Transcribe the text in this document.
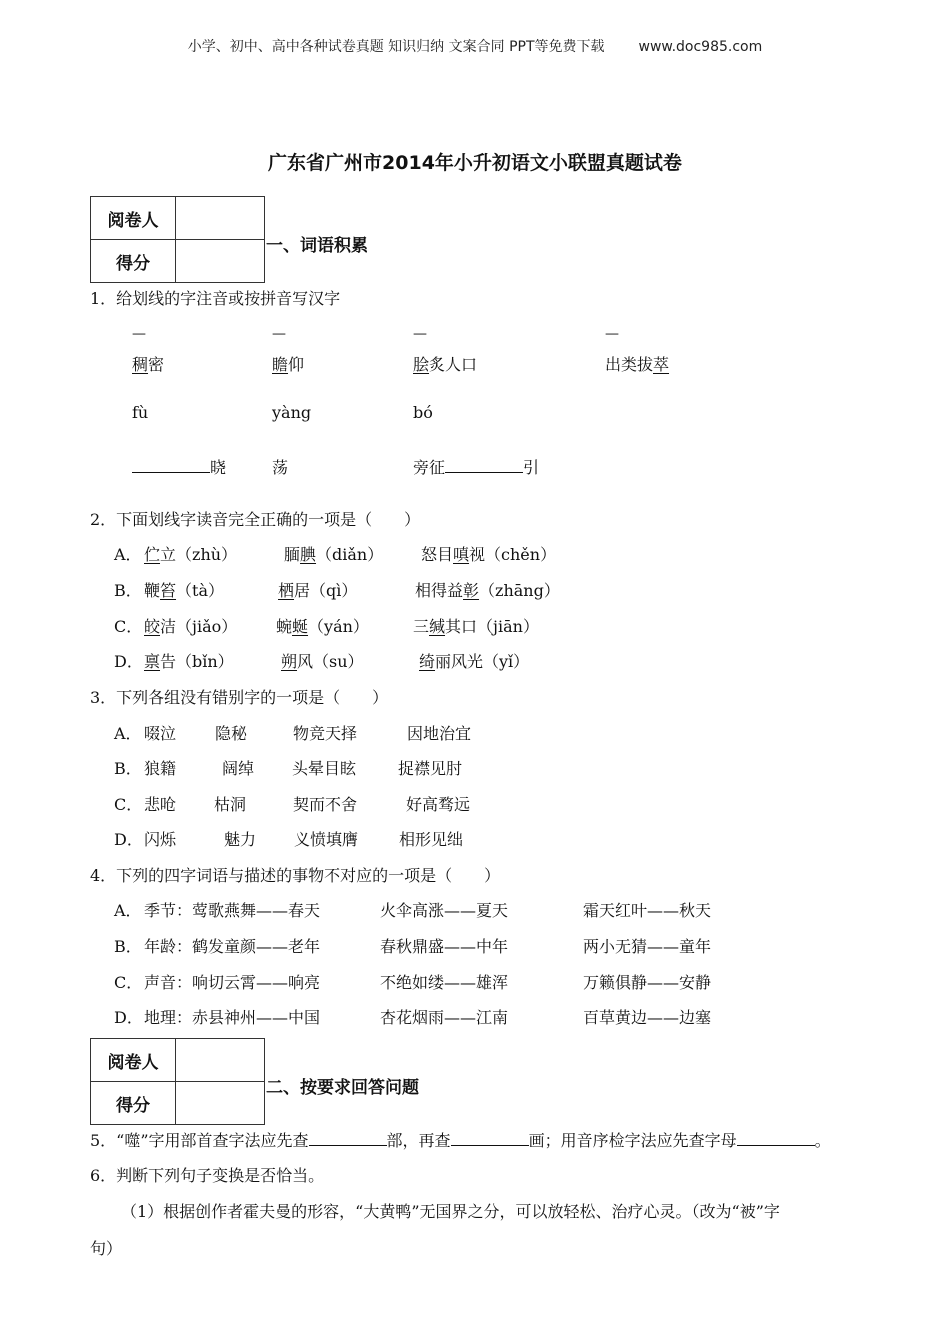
小学、初中、高中各种试卷真题 知识归纳 文案合同 PPT等免费下载 www.doc985.com
广东省广州市2014年小升初语文小联盟真题试卷
阅卷人	
得分	
一、词语积累
1．给划线的字注音或按拼音写汉字
—	—	—	—
稠密	瞻仰	脍炙人口	出类拔萃
fù	yàng	bó
晓	荡	旁征	引
2．下面划线字读音完全正确的一项是（　　）
A． 伫立（zhù）	腼腆（diǎn） 怒目嗔视（chěn）
B． 鞭笞（tà）	栖居（qì）	相得益彰（zhāng）
C． 皎洁（jiǎo） 蜿蜒（yán）	三缄其口（jiān）
D． 禀告（bǐn）	朔风（su）	绮丽风光（yǐ）
3．下列各组没有错别字的一项是（　　）
A． 啜泣 隐秘	物竞天择	因地治宜
B． 狼籍	阔绰 头晕目眩	捉襟见肘
C． 悲呛 枯洞	契而不舍	好高骛远
D． 闪烁	魅力 义愤填膺	相形见绌
4．下列的四字词语与描述的事物不对应的一项是（　　）
A． 季节：莺歌燕舞——春天	火伞高涨——夏天	霜天红叶——秋天
B． 年龄：鹤发童颜——老年	春秋鼎盛——中年	两小无猜——童年
C． 声音：响切云霄——响亮	不绝如缕——雄浑	万籁俱静——安静
D． 地理：赤县神州——中国	杏花烟雨——江南	百草黄边——边塞
阅卷人	
得分	
二、按要求回答问题
5．“噬”字用部首查字法应先查	部，再查	画；用音序检字法应先查字母	。
6．判断下列句子变换是否恰当。
（1）根据创作者霍夫曼的形容，“大黄鸭”无国界之分，可以放轻松、治疗心灵。（改为“被”字
句）
